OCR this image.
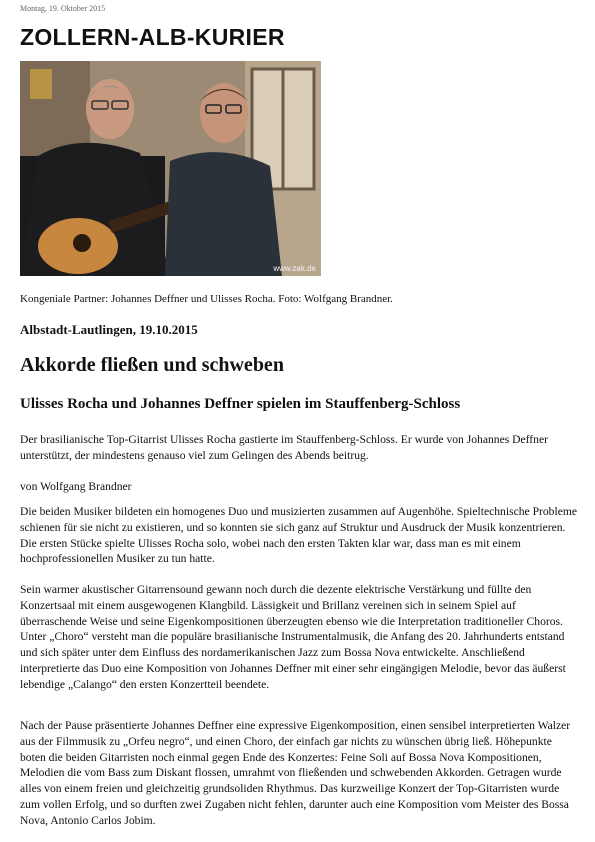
Montag, 19. Oktober 2015
ZOLLERN-ALB-KURIER
www.zak.de
Kongeniale Partner: Johannes Deffner und Ulisses Rocha. Foto: Wolfgang Brandner.
Albstadt-Lautlingen, 19.10.2015
Akkorde fließen und schweben
Ulisses Rocha und Johannes Deffner spielen im Stauffenberg-Schloss

Der brasilianische Top-Gitarrist Ulisses Rocha gastierte im Stauffenberg-Schloss. Er wurde von Johannes Deffner unterstützt, der mindestens genauso viel zum Gelingen des Abends beitrug.

von Wolfgang Brandner

Die beiden Musiker bildeten ein homogenes Duo und musizierten zusammen auf Augenhöhe. Spieltechnische Probleme schienen für sie nicht zu existieren, und so konnten sie sich ganz auf Struktur und Ausdruck der Musik konzentrieren. Die ersten Stücke spielte Ulisses Rocha solo, wobei nach den ersten Takten klar war, dass man es mit einem hochprofessionellen Musiker zu tun hatte.

Sein warmer akustischer Gitarrensound gewann noch durch die dezente elektrische Verstärkung und füllte den Konzertsaal mit einem ausgewogenen Klangbild. Lässigkeit und Brillanz vereinen sich in seinem Spiel auf überraschende Weise und seine Eigenkompositionen überzeugten ebenso wie die Interpretation traditioneller Choros. Unter „Choro“ versteht man die populäre brasilianische Instrumentalmusik, die Anfang des 20. Jahrhunderts entstand und sich später unter dem Einfluss des nordamerikanischen Jazz zum Bossa Nova entwickelte. Anschließend interpretierte das Duo eine Komposition von Johannes Deffner mit einer sehr eingängigen Melodie, bevor das äußerst lebendige „Calango“ den ersten Konzertteil beendete.

Nach der Pause präsentierte Johannes Deffner eine expressive Eigenkomposition, einen sensibel interpretierten Walzer aus der Filmmusik zu „Orfeu negro“, und einen Choro, der einfach gar nichts zu wünschen übrig ließ. Höhepunkte boten die beiden Gitarristen noch einmal gegen Ende des Konzertes: Feine Soli auf Bossa Nova Kompositionen, Melodien die vom Bass zum Diskant flossen, umrahmt von fließenden und schwebenden Akkorden. Getragen wurde alles von einem freien und gleichzeitig grundsoliden Rhythmus. Das kurzweilige Konzert der Top-Gitarristen wurde zum vollen Erfolg, und so durften zwei Zugaben nicht fehlen, darunter auch eine Komposition vom Meister des Bossa Nova, Antonio Carlos Jobim.
